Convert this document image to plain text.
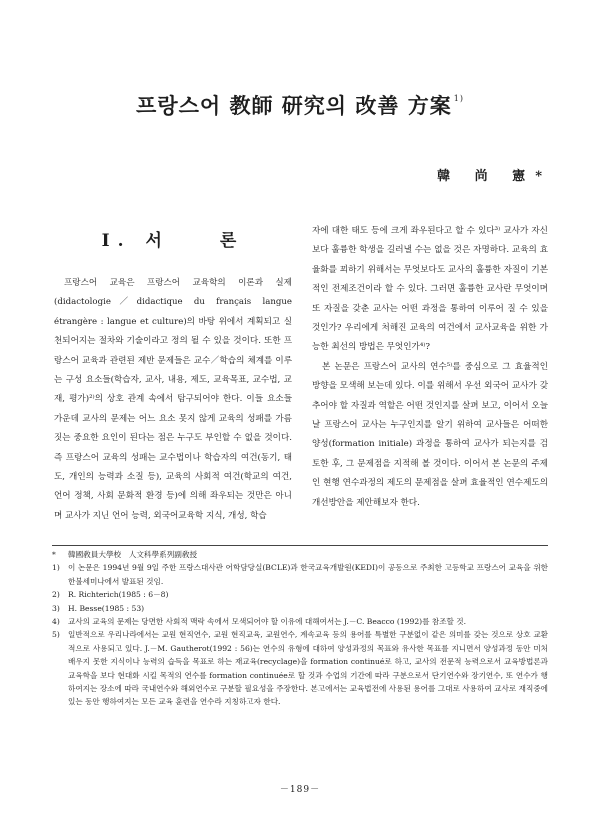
프랑스어 教師 研究의 改善 方案 $^{1)}$
韓 尚 憲*
I. 서　　론

프랑스어 교육은 프랑스어 교육학의 이론과 실제(didactologie／didactique du français langue étrangère : langue et culture)의 바탕 위에서 계획되고 실천되어지는 절차와 기술이라고 정의 될 수 있을 것이다. 또한 프랑스어 교육과 관련된 제반 문제들은 교수／학습의 체계를 이루는 구성 요소들(학습자, 교사, 내용, 제도, 교육목표, 교수법, 교재, 평가)²⁾의 상호 관계 속에서 탐구되어야 한다. 이들 요소들 가운데 교사의 문제는 어느 요소 못지 않게 교육의 성패를 가름짓는 중요한 요인이 된다는 점은 누구도 부인할 수 없을 것이다. 즉 프랑스어 교육의 성패는 교수법이나 학습자의 여건(동기, 태도, 개인의 능력과 소질 등), 교육의 사회적 여건(학교의 여건, 언어 정책, 사회 문화적 환경 등)에 의해 좌우되는 것만은 아니며 교사가 지닌 언어 능력, 외국어교육학 지식, 개성, 학습

자에 대한 태도 등에 크게 좌우된다고 할 수 있다³⁾ 교사가 자신보다 훌륭한 학생을 길러낼 수는 없을 것은 자명하다. 교육의 효율화를 꾀하기 위해서는 무엇보다도 교사의 훌륭한 자질이 기본적인 전제조건이라 할 수 있다. 그러면 훌륭한 교사란 무엇이며 또 자질을 갖춘 교사는 어떤 과정을 통하여 이루어 질 수 있을 것인가? 우리에게 처해진 교육의 여건에서 교사교육을 위한 가능한 최선의 방법은 무엇인가⁴⁾?

본 논문은 프랑스어 교사의 연수⁵⁾를 중심으로 그 효율적인 방향을 모색해 보는데 있다. 이를 위해서 우선 외국어 교사가 갖추어야 할 자질과 역할은 어떤 것인지를 살펴 보고, 이어서 오늘날 프랑스어 교사는 누구인지를 알기 위하여 교사들은 어떠한 양성(formation initiale) 과정을 통하여 교사가 되는지를 검토한 후, 그 문제점을 지적해 볼 것이다. 이어서 본 논문의 주제인 현행 연수과정의 제도의 문제점을 살펴 효율적인 연수제도의 개선방안을 제안해보자 한다.

*	韓國敎員大學校　人文科學系列副敎授
1)	이 논문은 1994년 9월 9일 주한 프랑스대사관 어학담당실(BCLE)과 한국교육개발원(KEDI)이 공동으로 주최한 고등학교 프랑스어 교육을 위한 한불세미나에서 발표된 것임.
2)	R. Richterich(1985 : 6－8)
3)	H. Besse(1985 : 53)
4)	교사의 교육의 문제는 당면한 사회적 맥락 속에서 모색되어야 할 이유에 대해여서는 J.－C. Beacco (1992)를 참조할 것.
5)	일반적으로 우리나라에서는 교원 현직연수, 교원 현직교육, 교원연수, 계속교육 등의 용어를 특별한 구분없이 같은 의미를 갖는 것으로 상호 교환적으로 사용되고 있다. J.－M. Gautherot(1992 : 56)는 연수의 유형에 대하여 양성과정의 목표와 유사한 목표를 지니면서 양성과정 동안 미처 배우지 못한 지식이나 능력의 습득을 목표로 하는 재교육(recyclage)을 formation continué로 하고, 교사의 전문적 능력으로서 교육방법론과 교육학을 보다 현대화 시킬 목적의 연수를 formation continuée로 할 것과 수업의 기간에 따라 구분으로서 단기연수와 장기연수, 또 연수가 행하여지는 장소에 따라 국내연수와 해외연수로 구분할 필요성을 주장한다. 본고에서는 교육법전에 사용된 용어를 그대로 사용하여 교사로 재직중에 있는 동안 행하여지는 모든 교육 훈련을 연수라 지칭하고자 한다.
－189－
